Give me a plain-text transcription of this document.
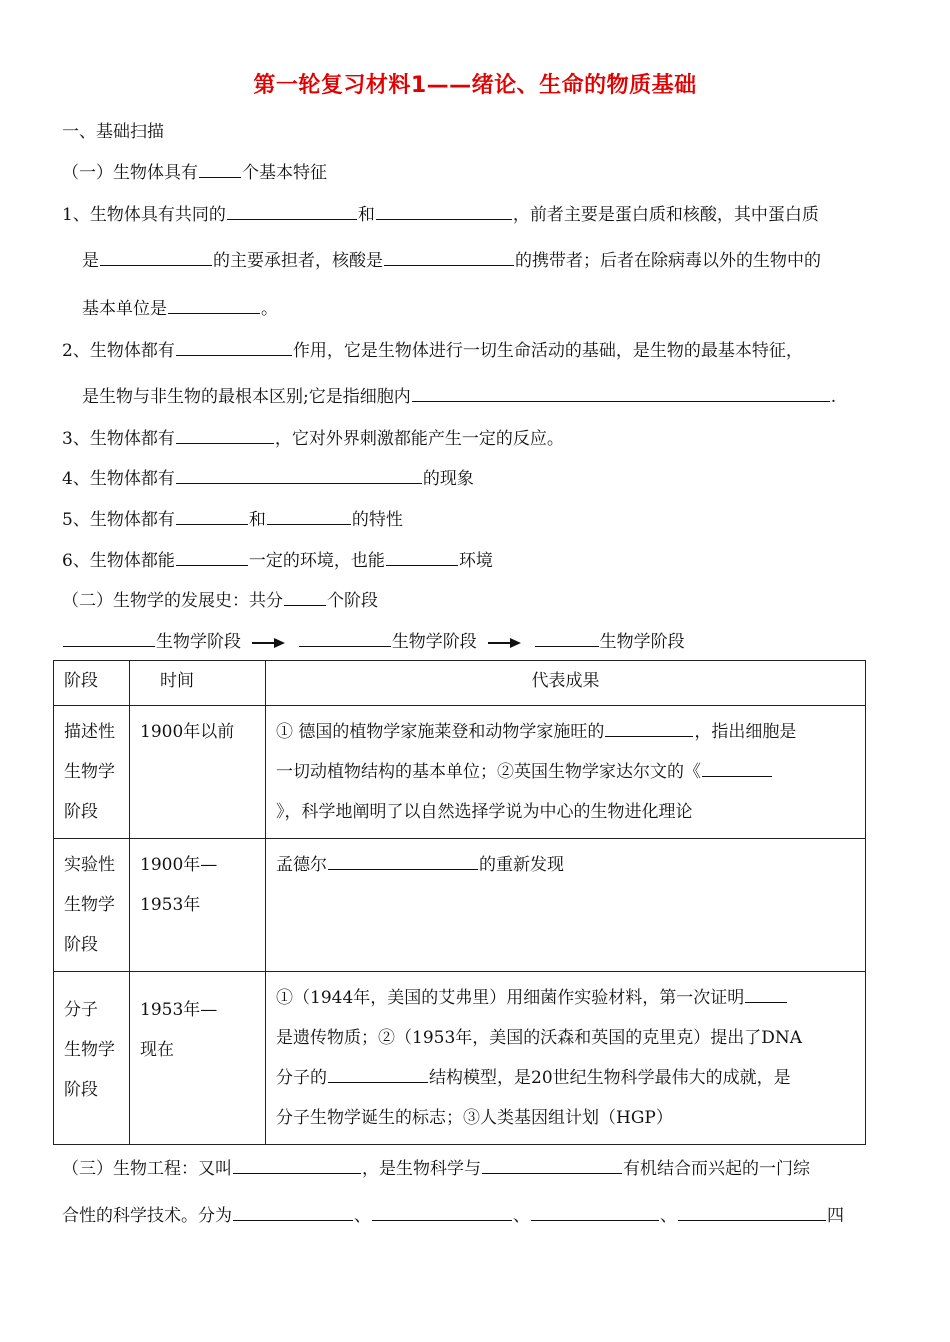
第一轮复习材料1——绪论、生命的物质基础
一、基础扫描
（一）生物体具有	个基本特征
1、生物体具有共同的	和	，前者主要是蛋白质和核酸，其中蛋白质
是	的主要承担者，核酸是	的携带者；后者在除病毒以外的生物中的
基本单位是	。
2、生物体都有	作用，它是生物体进行一切生命活动的基础，是生物的最基本特征，
是生物与非生物的最根本区别;它是指细胞内	.
3、生物体都有	，它对外界刺激都能产生一定的反应。
4、生物体都有	的现象
5、生物体都有	和	的特性
6、生物体都能	一定的环境，也能	环境
（二）生物学的发展史：共分	个阶段
生物学阶段	生物学阶段	生物学阶段
阶段	时间	代表成果
描述性
生物学
阶段	1900年以前	① 德国的植物学家施莱登和动物学家施旺的 ，指出细胞是
一切动植物结构的基本单位；②英国生物学家达尔文的《
》，科学地阐明了以自然选择学说为中心的生物进化理论
实验性
生物学
阶段	1900年—
1953年	孟德尔 的重新发现
分子
生物学
阶段	1953年—
现在	①（1944年，美国的艾弗里）用细菌作实验材料，第一次证明
是遗传物质；②（1953年，美国的沃森和英国的克里克）提出了DNA
分子的 结构模型，是20世纪生物科学最伟大的成就，是
分子生物学诞生的标志；③人类基因组计划（HGP）
（三）生物工程：又叫	，是生物科学与	有机结合而兴起的一门综
合性的科学技术。分为	、	、	、	四
